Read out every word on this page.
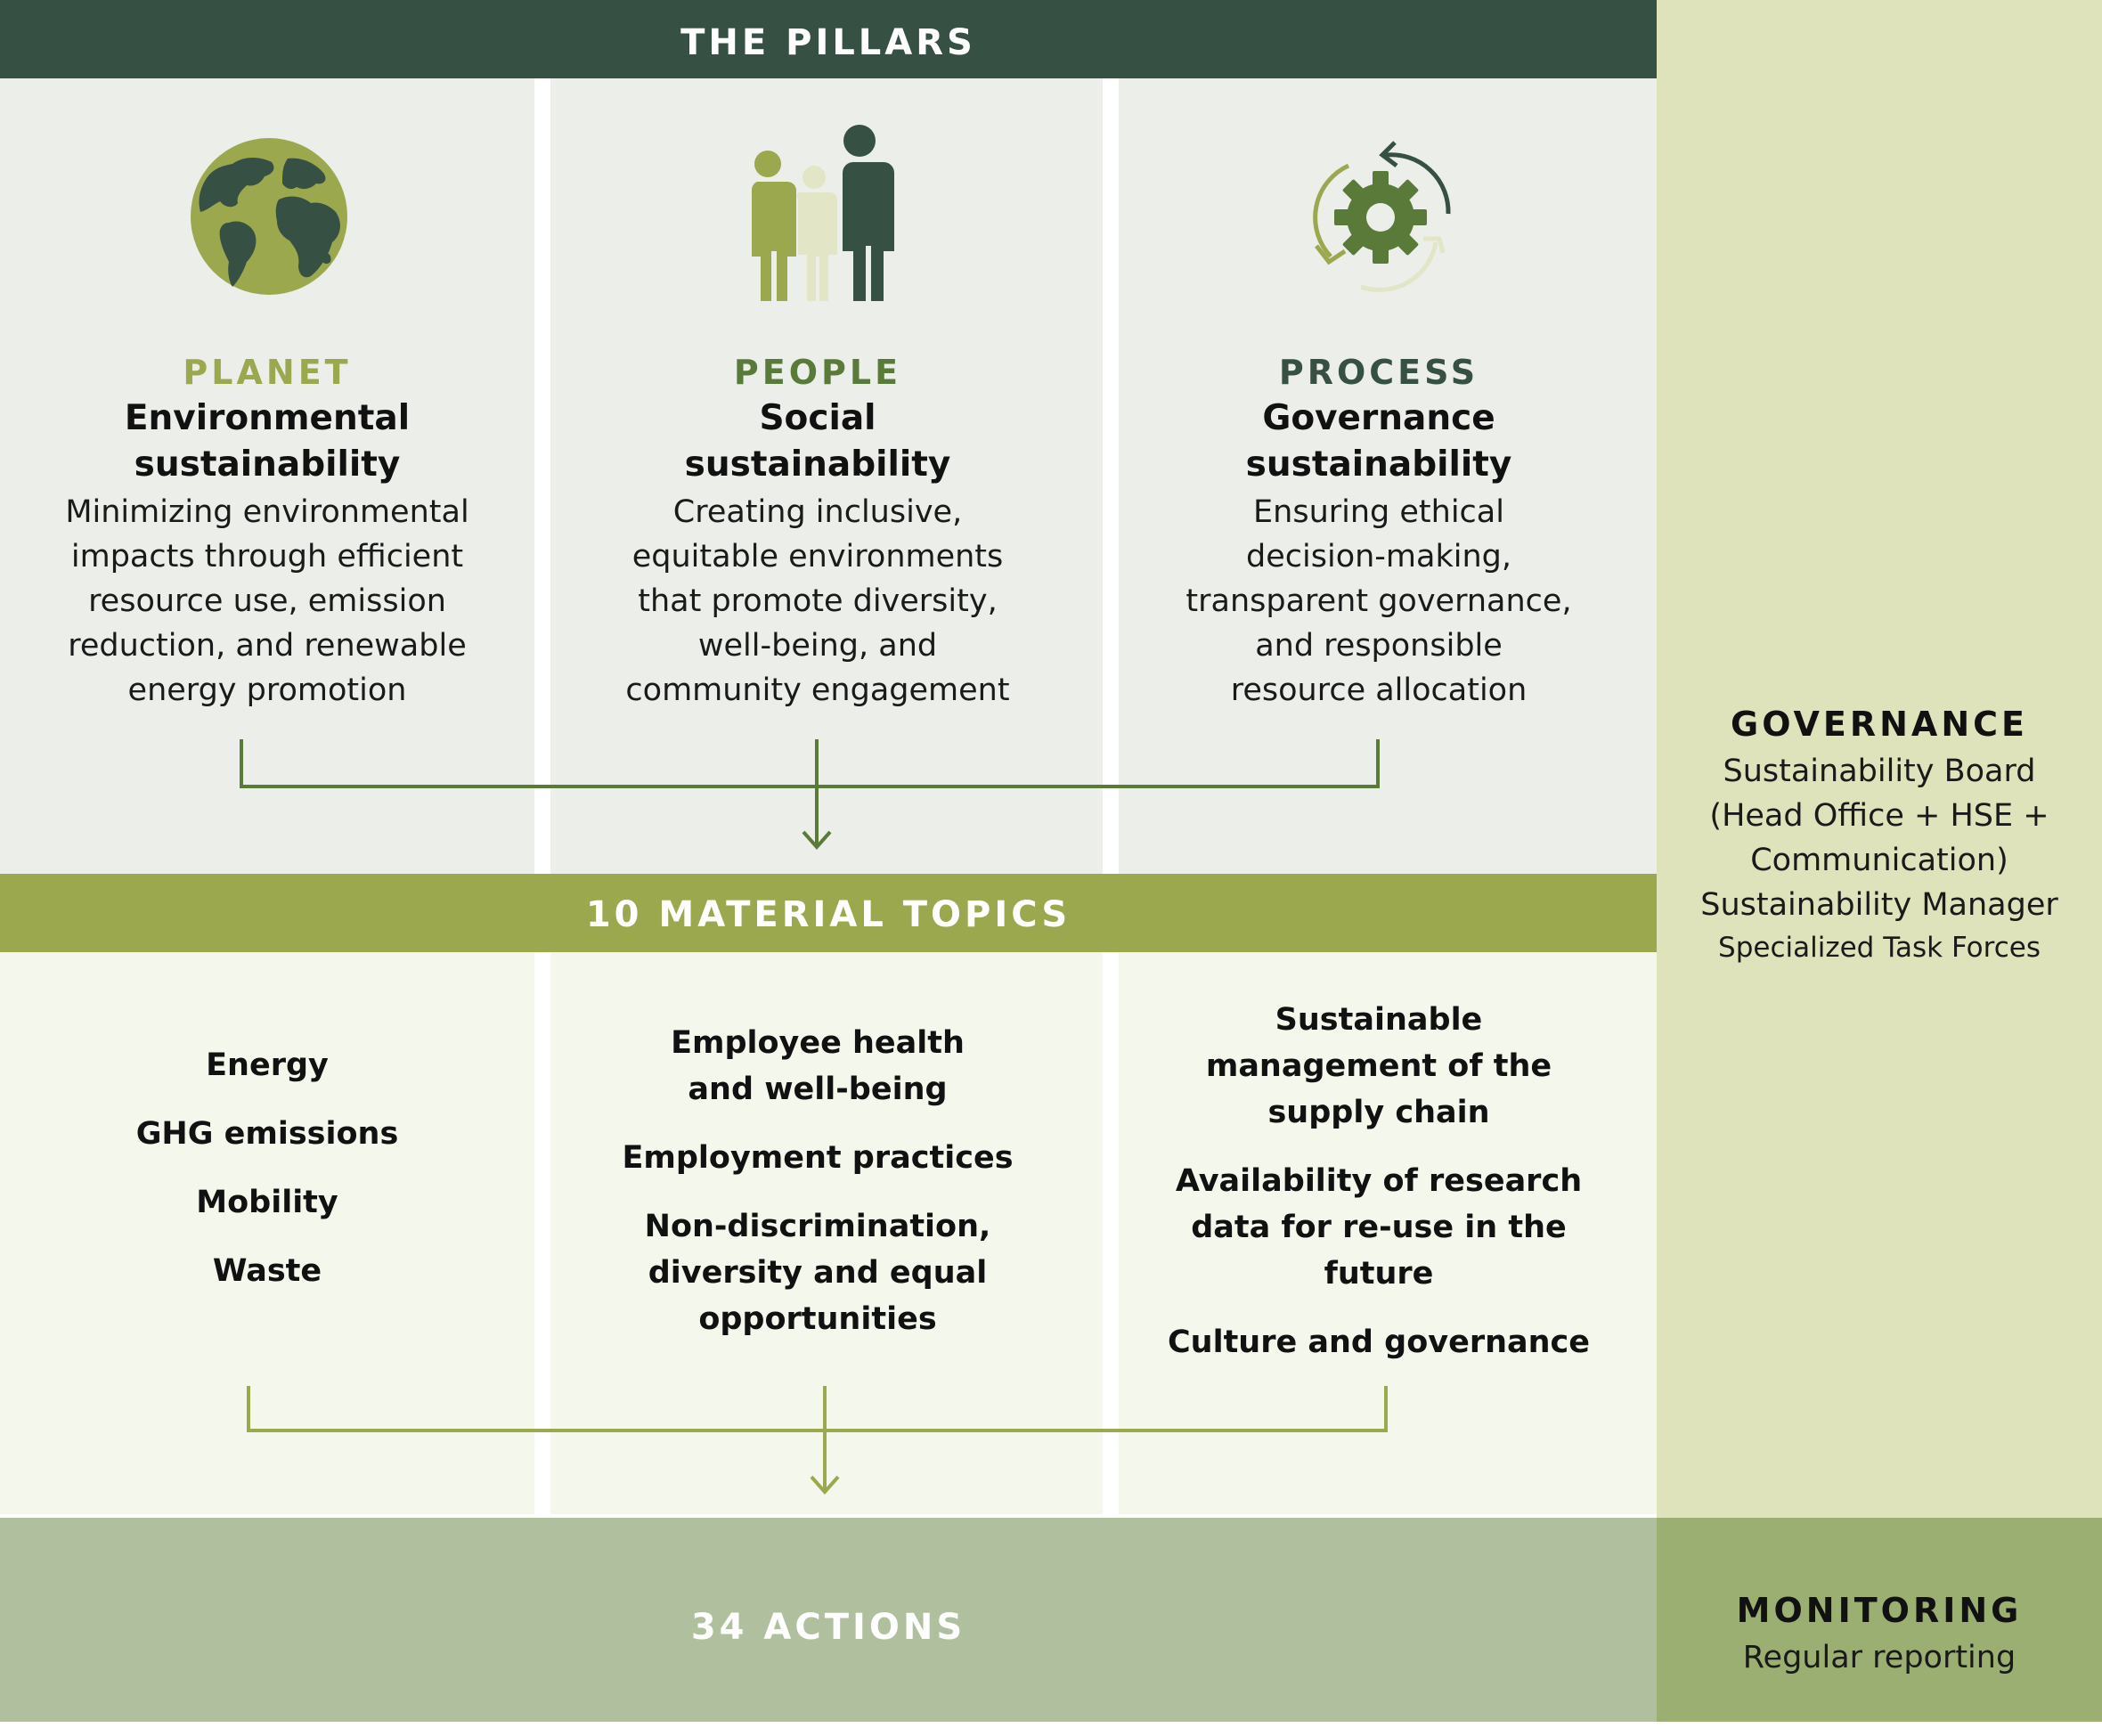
THE PILLARS
10 MATERIAL TOPICS
34 ACTIONS
PLANET
Environmental
sustainability
Minimizing environmental
impacts through efficient
resource use, emission
reduction, and renewable
energy promotion
PEOPLE
Social
sustainability
Creating inclusive,
equitable environments
that promote diversity,
well-being, and
community engagement
PROCESS
Governance
sustainability
Ensuring ethical
decision-making,
transparent governance,
and responsible
resource allocation
Energy
GHG emissions
Mobility
Waste
Employee health
and well-being
Employment practices
Non-discrimination,
diversity and equal
opportunities
Sustainable
management of the
supply chain
Availability of research
data for re-use in the
future
Culture and governance
GOVERNANCE
Sustainability Board
(Head Office + HSE +
Communication)
Sustainability Manager
Specialized Task Forces
MONITORING
Regular reporting
